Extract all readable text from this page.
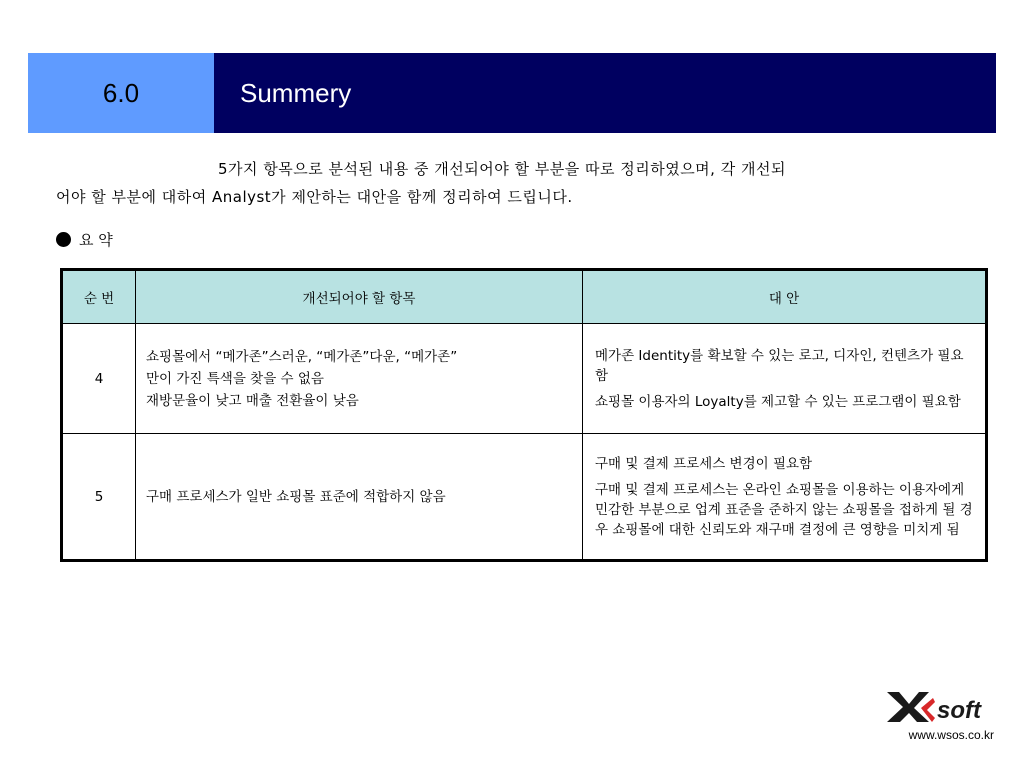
6.0	Summery
5가지 항목으로 분석된 내용 중 개선되어야 할 부분을 따로 정리하였으며, 각 개선되
어야 할 부분에 대하여 Analyst가 제안하는 대안을 함께 정리하여 드립니다.
요 약
순 번	개선되어야 할 항목	대 안
4	쇼핑몰에서 “메가존”스러운, “메가존”다운, “메가존”
만이 가진 특색을 찾을 수 없음
재방문율이 낮고 매출 전환율이 낮음	메가존 Identity를 확보할 수 있는 로고, 디자인, 컨텐츠가 필요함
쇼핑몰 이용자의 Loyalty를 제고할 수 있는 프로그램이 필요함

5	구매 프로세스가 일반 쇼핑몰 표준에 적합하지 않음	구매 및 결제 프로세스 변경이 필요함
구매 및 결제 프로세스는 온라인 쇼핑몰을 이용하는 이용자에게 민감한 부분으로 업계 표준을 준하지 않는 쇼핑몰을 접하게 될 경우 쇼핑몰에 대한 신뢰도와 재구매 결정에 큰 영향을 미치게 됨
soft
www.wsos.co.kr
